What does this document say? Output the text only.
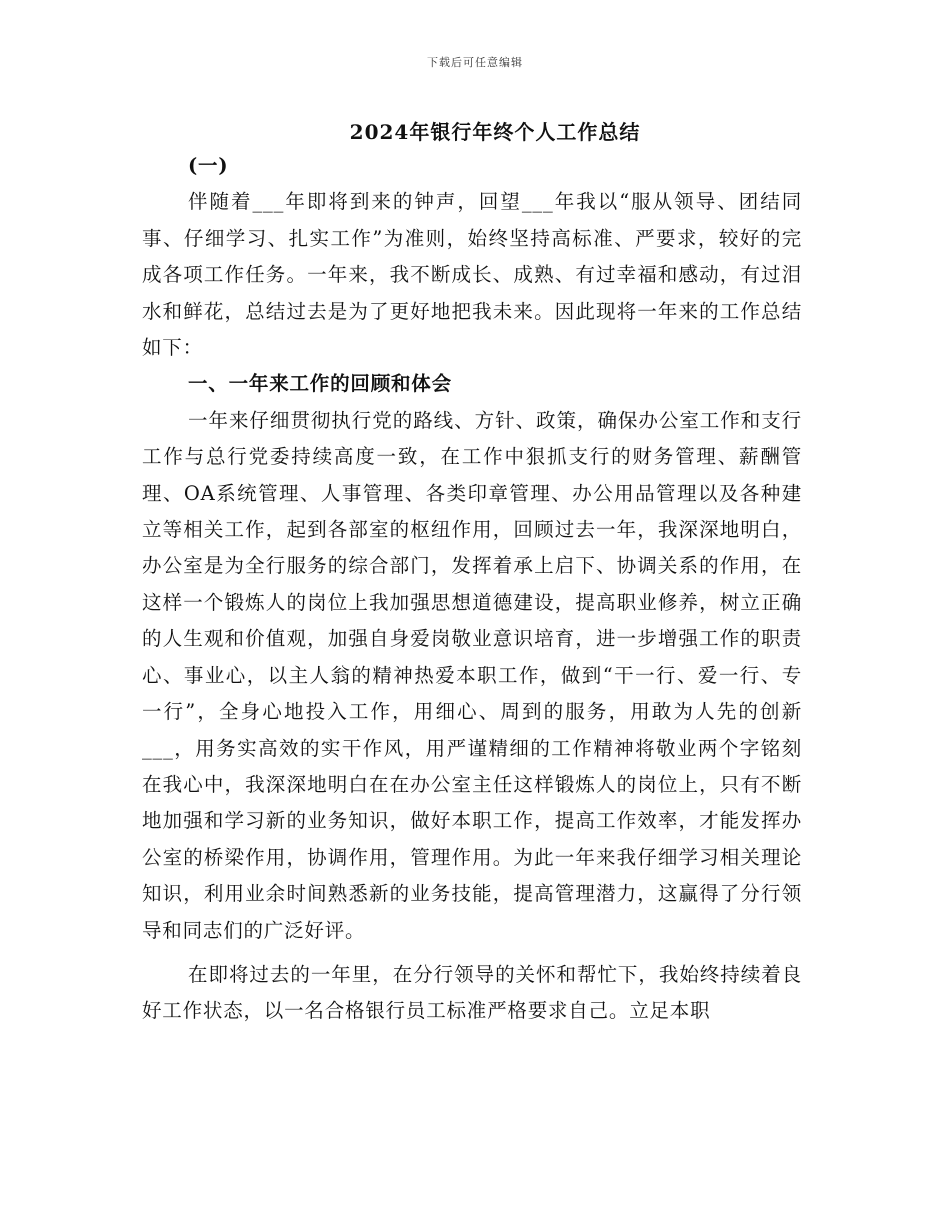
下载后可任意编辑
2024年银行年终个人工作总结

(一)

伴随着___年即将到来的钟声，回望___年我以“服从领导、团结同事、仔细学习、扎实工作”为准则，始终坚持高标准、严要求，较好的完成各项工作任务。一年来，我不断成长、成熟、有过幸福和感动，有过泪水和鲜花，总结过去是为了更好地把我未来。因此现将一年来的工作总结如下：

一、一年来工作的回顾和体会

一年来仔细贯彻执行党的路线、方针、政策，确保办公室工作和支行工作与总行党委持续高度一致，在工作中狠抓支行的财务管理、薪酬管理、OA系统管理、人事管理、各类印章管理、办公用品管理以及各种建立等相关工作，起到各部室的枢纽作用，回顾过去一年，我深深地明白，办公室是为全行服务的综合部门，发挥着承上启下、协调关系的作用，在这样一个锻炼人的岗位上我加强思想道德建设，提高职业修养，树立正确的人生观和价值观，加强自身爱岗敬业意识培育，进一步增强工作的职责心、事业心，以主人翁的精神热爱本职工作，做到“干一行、爱一行、专一行”，全身心地投入工作，用细心、周到的服务，用敢为人先的创新___，用务实高效的实干作风，用严谨精细的工作精神将敬业两个字铭刻在我心中，我深深地明白在在办公室主任这样锻炼人的岗位上，只有不断地加强和学习新的业务知识，做好本职工作，提高工作效率，才能发挥办公室的桥梁作用，协调作用，管理作用。为此一年来我仔细学习相关理论知识，利用业余时间熟悉新的业务技能，提高管理潜力，这赢得了分行领导和同志们的广泛好评。

在即将过去的一年里，在分行领导的关怀和帮忙下，我始终持续着良好工作状态，以一名合格银行员工标准严格要求自己。立足本职
